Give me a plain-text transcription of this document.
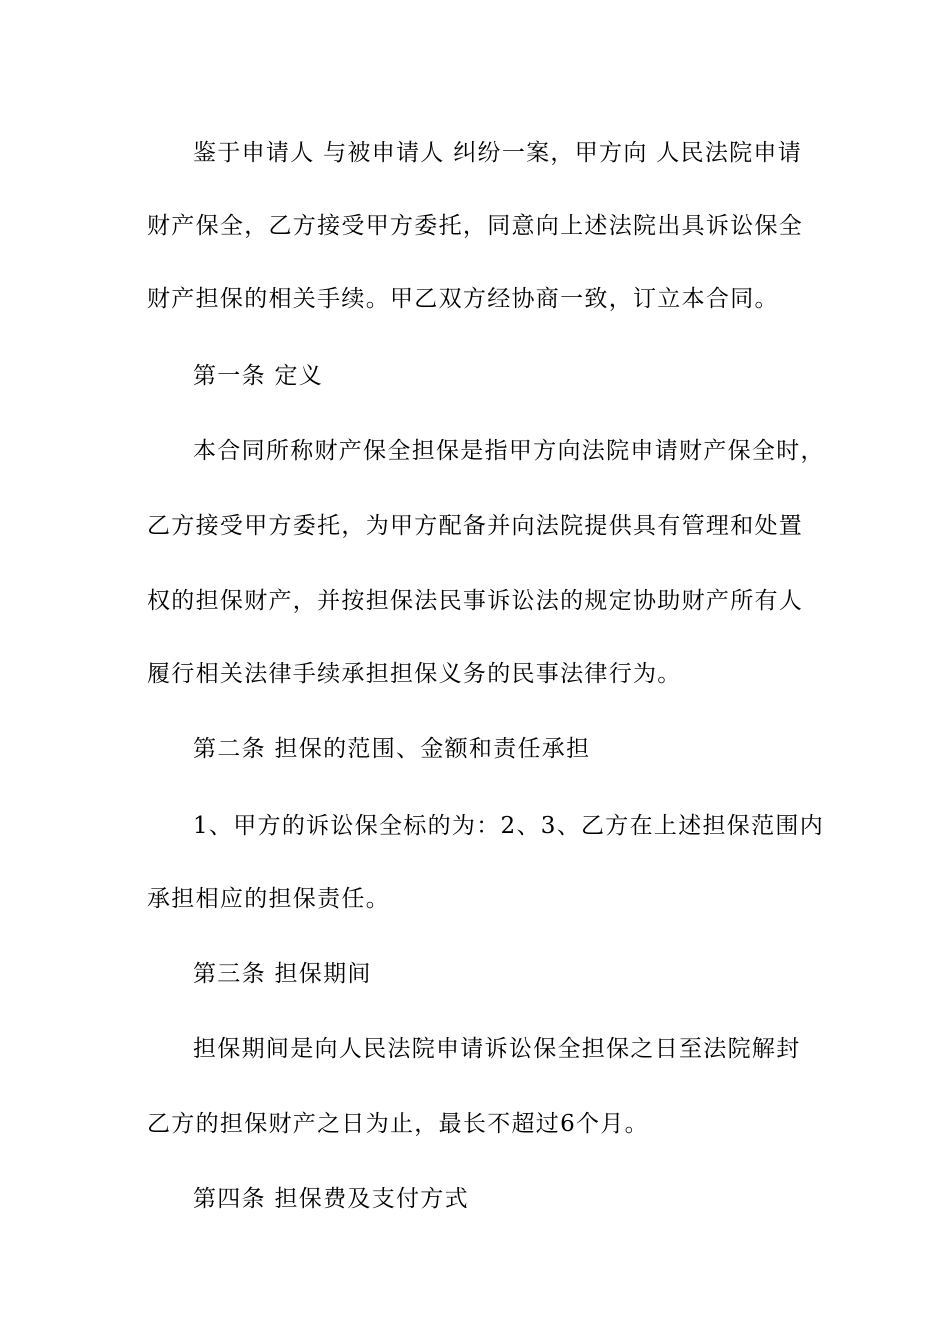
鉴于申请人 与被申请人 纠纷一案，甲方向 人民法院申请
财产保全，乙方接受甲方委托，同意向上述法院出具诉讼保全
财产担保的相关手续。甲乙双方经协商一致，订立本合同。
第一条 定义
本合同所称财产保全担保是指甲方向法院申请财产保全时，
乙方接受甲方委托，为甲方配备并向法院提供具有管理和处置
权的担保财产，并按担保法民事诉讼法的规定协助财产所有人
履行相关法律手续承担担保义务的民事法律行为。
第二条 担保的范围、金额和责任承担
1、甲方的诉讼保全标的为：2、3、乙方在上述担保范围内
承担相应的担保责任。
第三条 担保期间
担保期间是向人民法院申请诉讼保全担保之日至法院解封
乙方的担保财产之日为止，最长不超过6个月。
第四条 担保费及支付方式
